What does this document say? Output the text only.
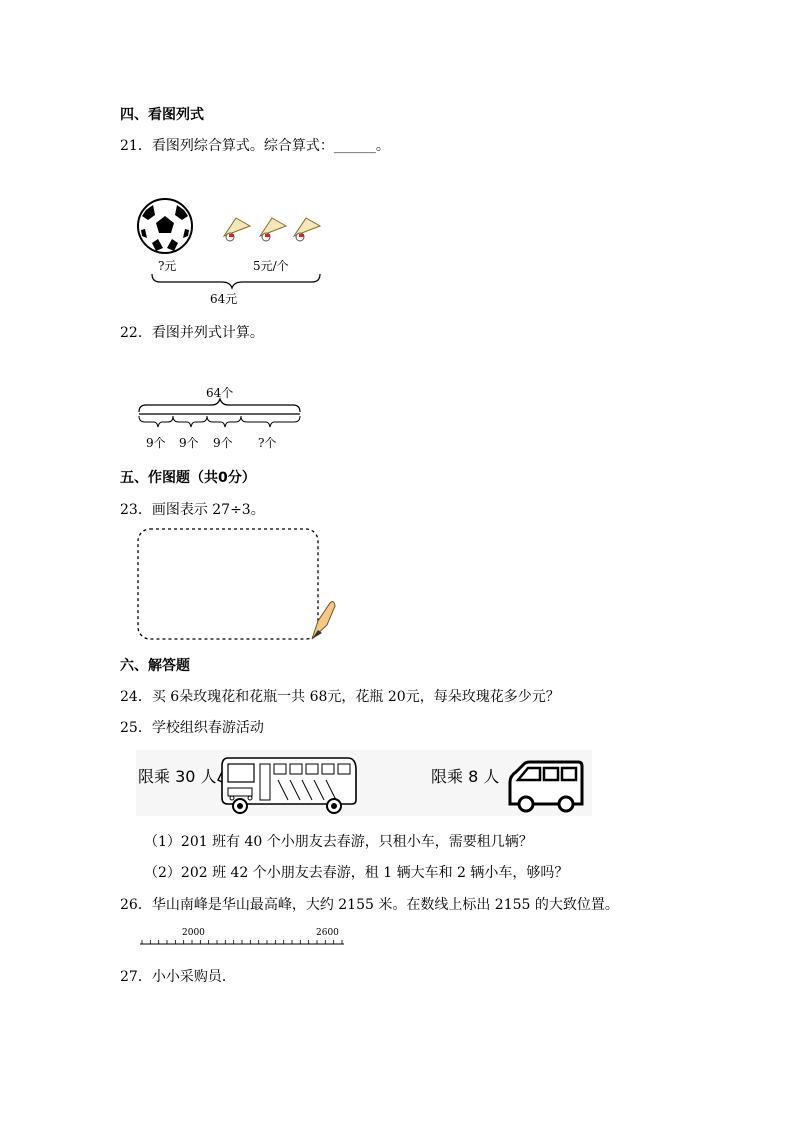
四、看图列式
21．看图列综合算式。综合算式：______。
?元	5元/个
64元
22．看图并列式计算。
64个
9个 9个 9个 ?个
五、作图题（共0分）
23．画图表示 27÷3。
六、解答题
24．买 6朵玫瑰花和花瓶一共 68元，花瓶 20元，每朵玫瑰花多少元？
25．学校组织春游活动
限乘 30 人	限乘 8 人
（1）201 班有 40 个小朋友去春游，只租小车，需要租几辆？
（2）202 班 42 个小朋友去春游，租 1 辆大车和 2 辆小车，够吗？
26．华山南峰是华山最高峰，大约 2155 米。在数线上标出 2155 的大致位置。
2000	2600
27．小小采购员．
